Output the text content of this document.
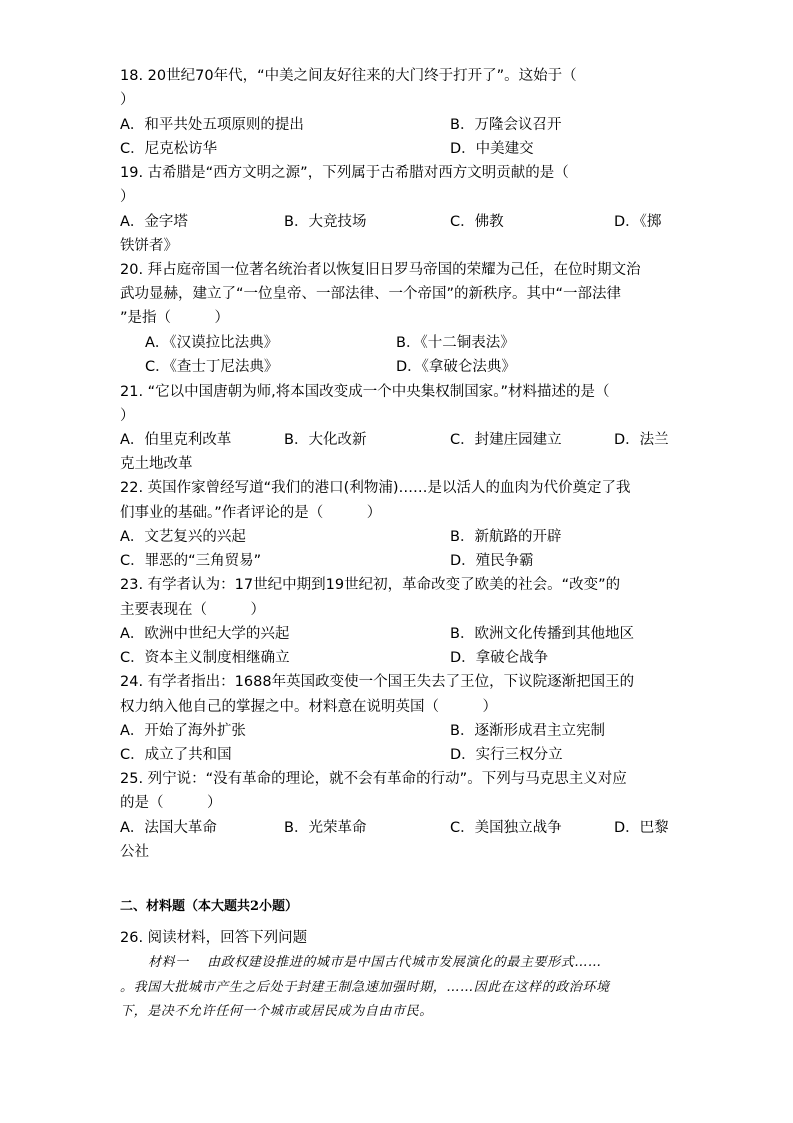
18. 20世纪70年代，“中美之间友好往来的大门终于打开了”。这始于（
）
A．和平共处五项原则的提出	B．万隆会议召开
C．尼克松访华	D．中美建交
19. 古希腊是“西方文明之源”，下列属于古希腊对西方文明贡献的是（
）
A．金字塔	B．大竞技场	C．佛教	D．《掷
铁饼者》
20. 拜占庭帝国一位著名统治者以恢复旧日罗马帝国的荣耀为己任，在位时期文治
武功显赫，建立了“一位皇帝、一部法律、一个帝国”的新秩序。其中“一部法律
”是指（　　　）
A．《汉谟拉比法典》	B．《十二铜表法》
C．《查士丁尼法典》	D．《拿破仑法典》
21. “它以中国唐朝为师,将本国改变成一个中央集权制国家。”材料描述的是（
）
A．伯里克利改革	B．大化改新	C．封建庄园建立	D．法兰
克土地改革
22. 英国作家曾经写道“我们的港口(利物浦)……是以活人的血肉为代价奠定了我
们事业的基础。”作者评论的是（　　　）
A．文艺复兴的兴起	B．新航路的开辟
C．罪恶的“三角贸易”	D．殖民争霸
23. 有学者认为：17世纪中期到19世纪初，革命改变了欧美的社会。“改变”的
主要表现在（　　　）
A．欧洲中世纪大学的兴起	B．欧洲文化传播到其他地区
C．资本主义制度相继确立	D．拿破仑战争
24. 有学者指出：1688年英国政变使一个国王失去了王位，下议院逐渐把国王的
权力纳入他自己的掌握之中。材料意在说明英国（　　　）
A．开始了海外扩张	B．逐渐形成君主立宪制
C．成立了共和国	D．实行三权分立
25. 列宁说：“没有革命的理论，就不会有革命的行动”。下列与马克思主义对应
的是（　　　）
A．法国大革命	B．光荣革命	C．美国独立战争	D．巴黎
公社
二、材料题（本大题共2小题）
26. 阅读材料，回答下列问题
材料一　 由政权建设推进的城市是中国古代城市发展演化的最主要形式……
。我国大批城市产生之后处于封建王制急速加强时期，……因此在这样的政治环境
下，是决不允许任何一个城市或居民成为自由市民。
